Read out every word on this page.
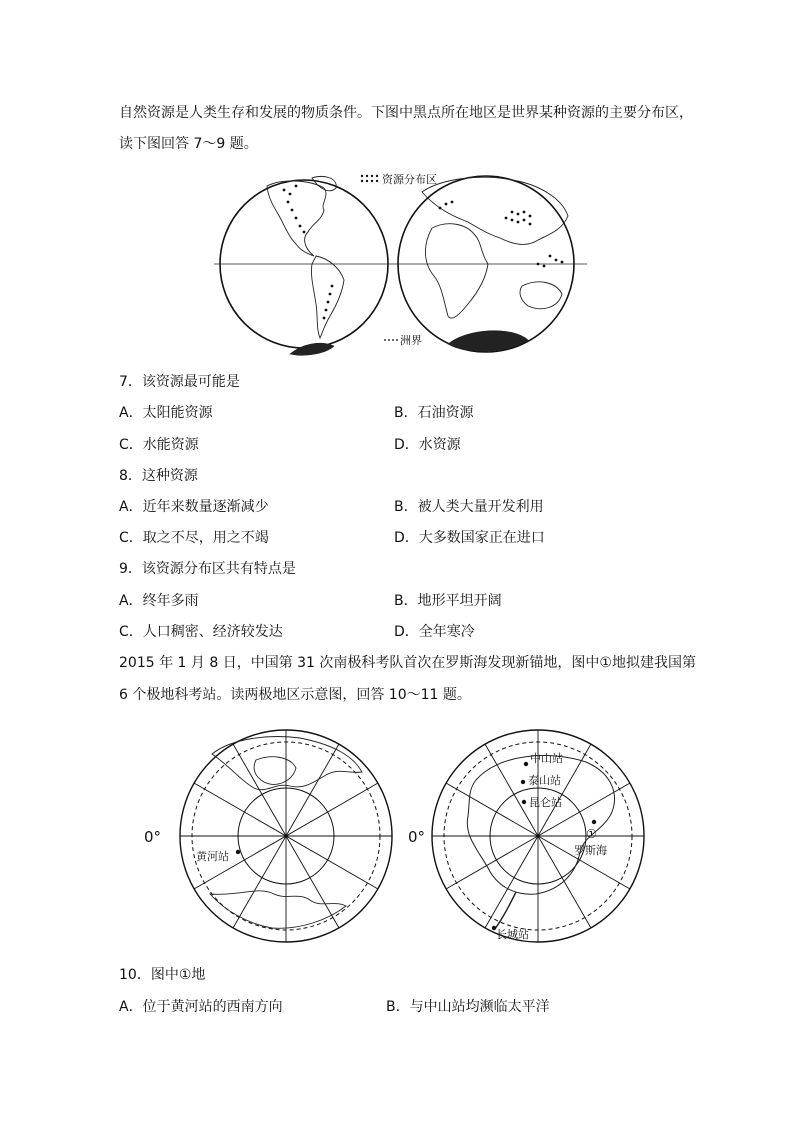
自然资源是人类生存和发展的物质条件。下图中黑点所在地区是世界某种资源的主要分布区，
读下图回答 7～9 题。
资源分布区
洲界
7．该资源最可能是
A．太阳能资源	B．石油资源
C．水能资源	D．水资源
8．这种资源
A．近年来数量逐渐减少	B．被人类大量开发利用
C．取之不尽，用之不竭	D．大多数国家正在进口
9．该资源分布区共有特点是
A．终年多雨	B．地形平坦开阔
C．人口稠密、经济较发达	D．全年寒冷
2015 年 1 月 8 日，中国第 31 次南极科考队首次在罗斯海发现新锚地，图中①地拟建我国第
6 个极地科考站。读两极地区示意图，回答 10～11 题。
黄河站
0°
中山站
泰山站
昆仑站
①
罗斯海
长城站
0°
10．图中①地
A．位于黄河站的西南方向	B．与中山站均濒临太平洋
